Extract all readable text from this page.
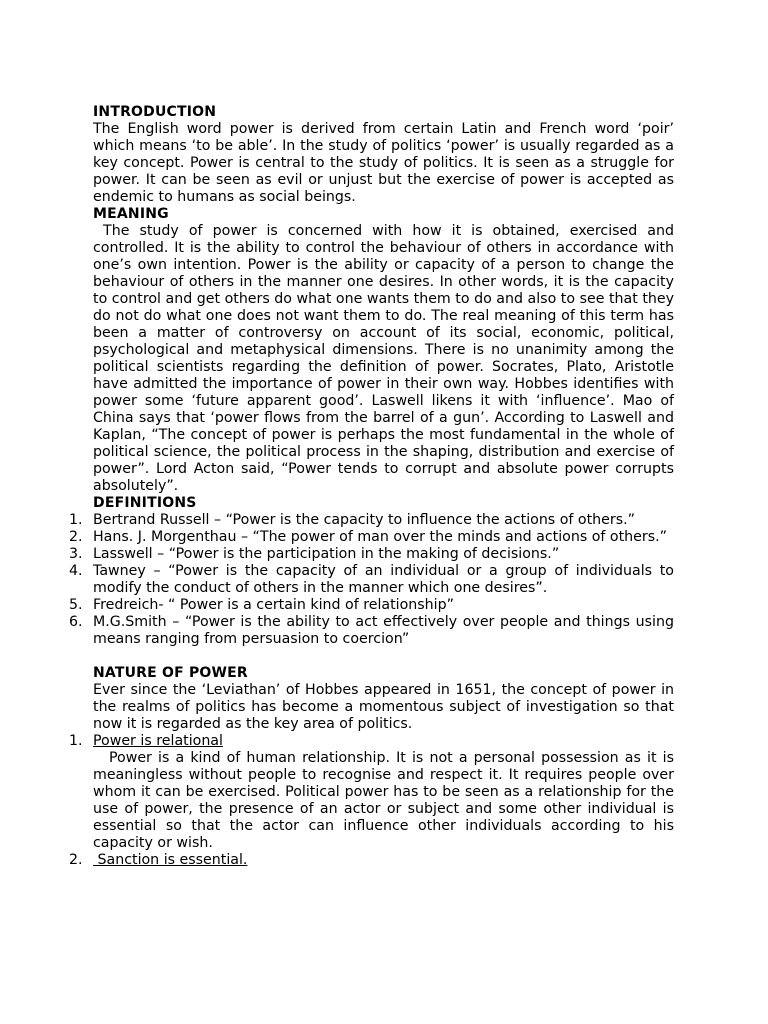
INTRODUCTION

The English word power is derived from certain Latin and French word ‘poir’ which means ‘to be able’. In the study of politics ‘power’ is usually regarded as a key concept. Power is central to the study of politics. It is seen as a struggle for power. It can be seen as evil or unjust but the exercise of power is accepted as endemic to humans as social beings.

MEANING

The study of power is concerned with how it is obtained, exercised and controlled. It is the ability to control the behaviour of others in accordance with one’s own intention. Power is the ability or capacity of a person to change the behaviour of others in the manner one desires. In other words, it is the capacity to control and get others do what one wants them to do and also to see that they do not do what one does not want them to do. The real meaning of this term has been a matter of controversy on account of its social, economic, political, psychological and metaphysical dimensions. There is no unanimity among the political scientists regarding the definition of power. Socrates, Plato, Aristotle have admitted the importance of power in their own way. Hobbes identifies with power some ‘future apparent good’. Laswell likens it with ‘influence’. Mao of China says that ‘power flows from the barrel of a gun’. According to Laswell and Kaplan, “The concept of power is perhaps the most fundamental in the whole of political science, the political process in the shaping, distribution and exercise of power”. Lord Acton said, “Power tends to corrupt and absolute power corrupts absolutely”.

DEFINITIONS

1. Bertrand Russell – “Power is the capacity to influence the actions of others.”
2. Hans. J. Morgenthau – “The power of man over the minds and actions of others.”
3. Lasswell – “Power is the participation in the making of decisions.”
4. Tawney – “Power is the capacity of an individual or a group of individuals to modify the conduct of others in the manner which one desires”.
5. Fredreich- “ Power is a certain kind of relationship”
6. M.G.Smith – “Power is the ability to act effectively over people and things using means ranging from persuasion to coercion”

NATURE OF POWER

Ever since the ‘Leviathan’ of Hobbes appeared in 1651, the concept of power in the realms of politics has become a momentous subject of investigation so that now it is regarded as the key area of politics.

1. Power is relational

Power is a kind of human relationship. It is not a personal possession as it is meaningless without people to recognise and respect it. It requires people over whom it can be exercised. Political power has to be seen as a relationship for the use of power, the presence of an actor or subject and some other individual is essential so that the actor can influence other individuals according to his capacity or wish.

2. Sanction is essential.
